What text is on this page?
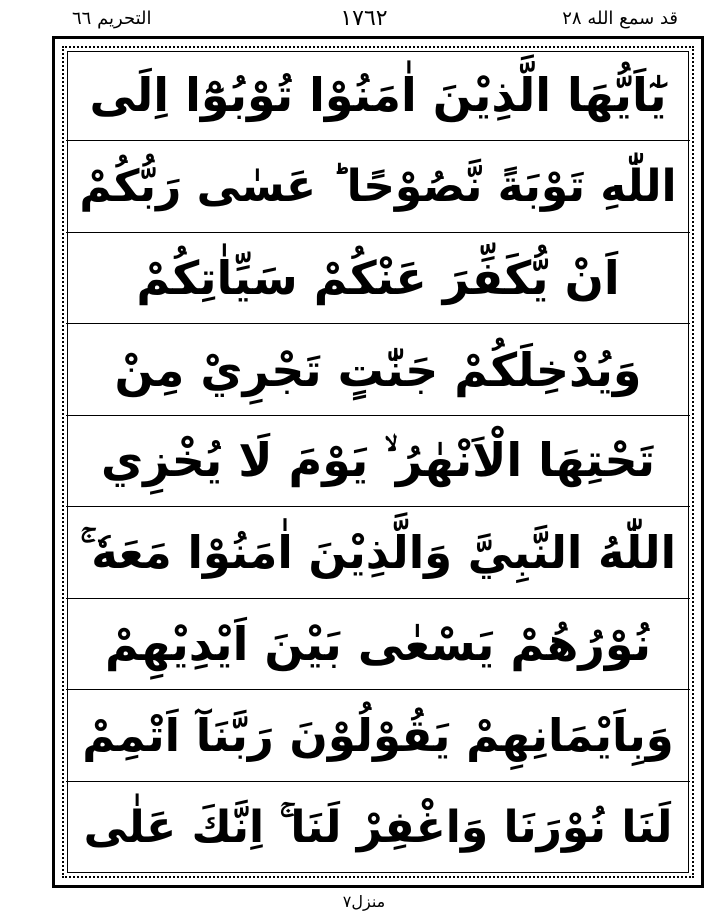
التحریم ٦٦	١٧٦٢	قد سمع الله ٢٨
يٰٓاَيُّهَا الَّذِيْنَ اٰمَنُوْا تُوْبُوْٓا اِلَى
اللّٰهِ تَوْبَةً نَّصُوْحًا ؕ عَسٰى رَبُّكُمْ
اَنْ يُّكَفِّرَ عَنْكُمْ سَيِّاٰتِكُمْ
وَيُدْخِلَكُمْ جَنّٰتٍ تَجْرِيْ مِنْ
تَحْتِهَا الْاَنْهٰرُ ۙ يَوْمَ لَا يُخْزِي
اللّٰهُ النَّبِيَّ وَالَّذِيْنَ اٰمَنُوْا مَعَهٗ ۚ
نُوْرُهُمْ يَسْعٰى بَيْنَ اَيْدِيْهِمْ
وَبِاَيْمَانِهِمْ يَقُوْلُوْنَ رَبَّنَآ اَتْمِمْ
لَنَا نُوْرَنَا وَاغْفِرْ لَنَا ۚ اِنَّكَ عَلٰى
منزل٧
